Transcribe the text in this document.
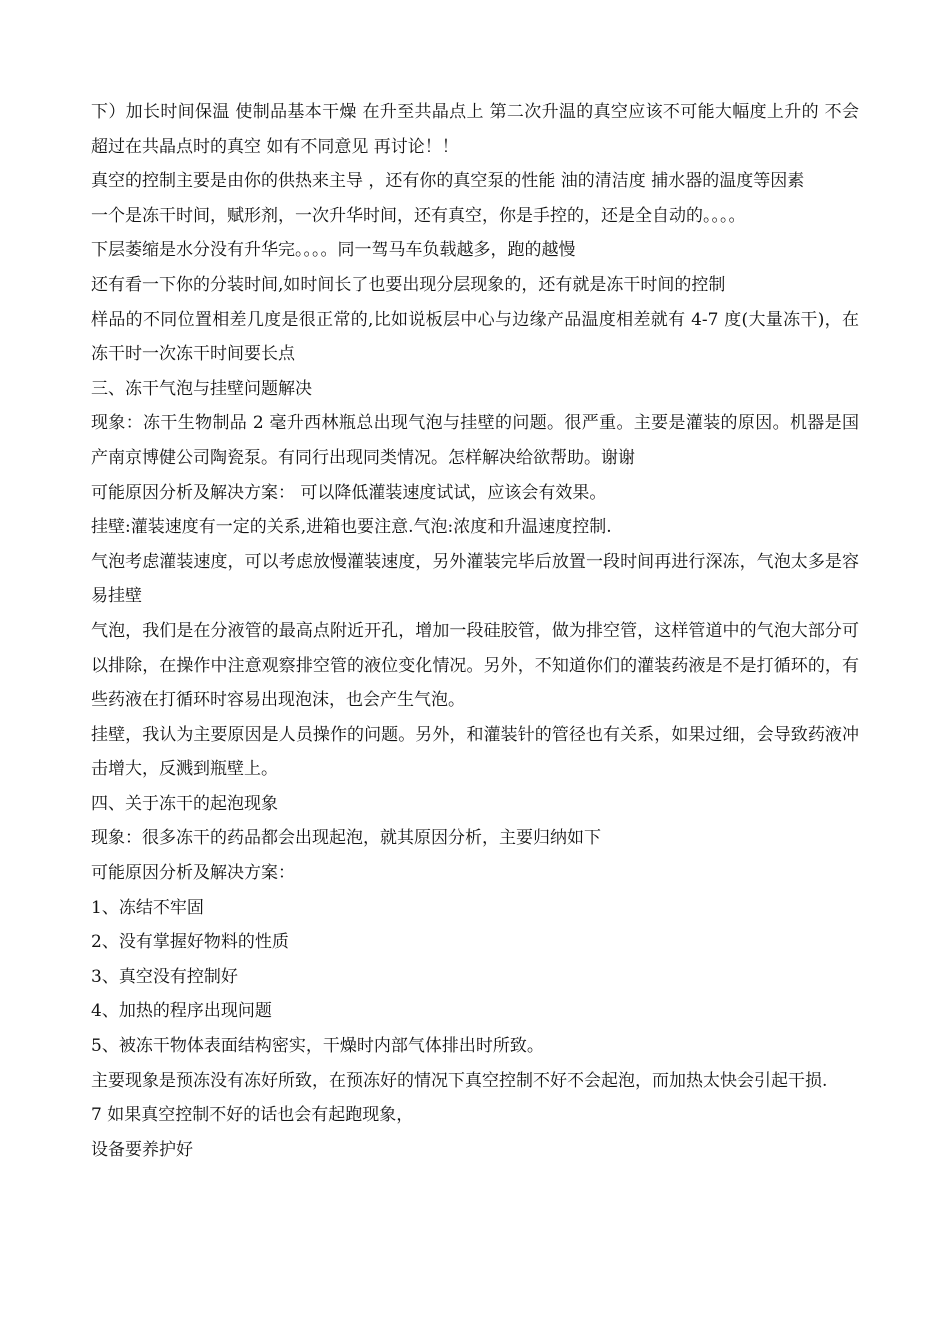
下）加长时间保温 使制品基本干燥 在升至共晶点上 第二次升温的真空应该不可能大幅度上升的 不会超过在共晶点时的真空 如有不同意见 再讨论！！

真空的控制主要是由你的供热来主导 ，还有你的真空泵的性能 油的清洁度 捕水器的温度等因素

一个是冻干时间，赋形剂，一次升华时间，还有真空，你是手控的，还是全自动的。。。。

下层萎缩是水分没有升华完。。。。同一驾马车负载越多，跑的越慢

还有看一下你的分装时间,如时间长了也要出现分层现象的，还有就是冻干时间的控制

样品的不同位置相差几度是很正常的,比如说板层中心与边缘产品温度相差就有 4-7 度(大量冻干)，在冻干时一次冻干时间要长点

三、冻干气泡与挂壁问题解决

现象：冻干生物制品 2 毫升西林瓶总出现气泡与挂壁的问题。很严重。主要是灌装的原因。机器是国产南京博健公司陶瓷泵。有同行出现同类情况。怎样解决给欲帮助。谢谢

可能原因分析及解决方案： 可以降低灌装速度试试，应该会有效果。

挂壁:灌装速度有一定的关系,进箱也要注意.气泡:浓度和升温速度控制.

气泡考虑灌装速度，可以考虑放慢灌装速度，另外灌装完毕后放置一段时间再进行深冻，气泡太多是容易挂壁

气泡，我们是在分液管的最高点附近开孔，增加一段硅胶管，做为排空管，这样管道中的气泡大部分可以排除，在操作中注意观察排空管的液位变化情况。另外，不知道你们的灌装药液是不是打循环的，有些药液在打循环时容易出现泡沫，也会产生气泡。

挂壁，我认为主要原因是人员操作的问题。另外，和灌装针的管径也有关系，如果过细，会导致药液冲击增大，反溅到瓶壁上。

四、关于冻干的起泡现象

现象：很多冻干的药品都会出现起泡，就其原因分析，主要归纳如下

可能原因分析及解决方案：

1、冻结不牢固

2、没有掌握好物料的性质

3、真空没有控制好

4、加热的程序出现问题

5、被冻干物体表面结构密实，干燥时内部气体排出时所致。

主要现象是预冻没有冻好所致，在预冻好的情况下真空控制不好不会起泡，而加热太快会引起干损.

7 如果真空控制不好的话也会有起跑现象，

设备要养护好
